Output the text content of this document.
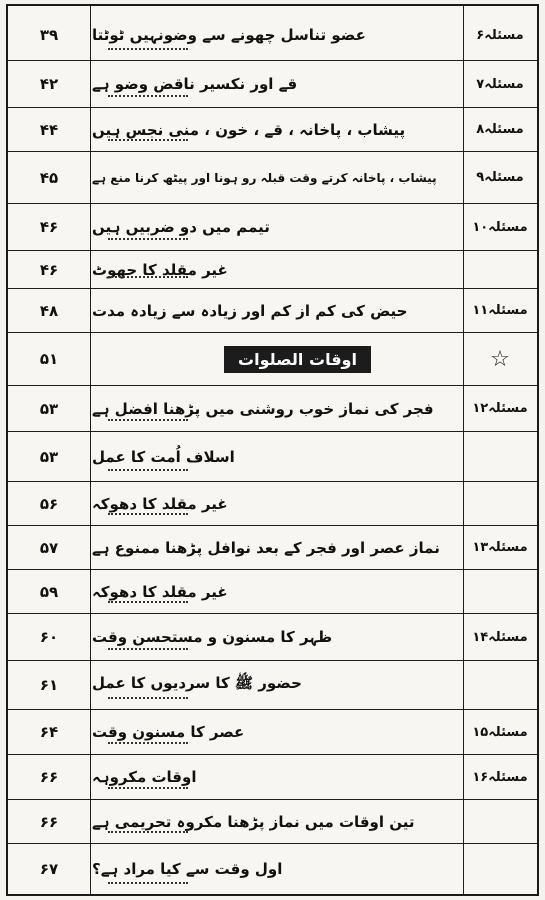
مسئلہ۶
عضو تناسل چھونے سے وضونہیں ٹوٹتا
۳۹
مسئلہ۷
قے اور نکسیر ناقض وضو ہے
۴۲
مسئلہ۸
پیشاب ، پاخانہ ، قے ، خون ، منی نجس ہیں
۴۴
مسئلہ۹
پیشاب ، پاخانہ کرتے وقت قبلہ رو ہونا اور پیٹھ کرنا منع ہے
۴۵
مسئلہ۱۰
تیمم میں دو ضربیں ہیں
۴۶
غیر مقلد کا جھوٹ
۴۶
مسئلہ۱۱
حیض کی کم از کم اور زیادہ سے زیادہ مدت
۴۸
☆
اوقات الصلوات
۵۱
مسئلہ۱۲
فجر کی نماز خوب روشنی میں پڑھنا افضل ہے
۵۳
اسلاف اُمت کا عمل
۵۳
غیر مقلد کا دھوکہ
۵۶
مسئلہ۱۳
نماز عصر اور فجر کے بعد نوافل پڑھنا ممنوع ہے
۵۷
غیر مقلد کا دھوکہ
۵۹
مسئلہ۱۴
ظہر کا مسنون و مستحسن وقت
۶۰
حضور ﷺ کا سردیوں کا عمل
۶۱
مسئلہ۱۵
عصر کا مسنون وقت
۶۴
مسئلہ۱۶
اوقات مکروہہ
۶۶
تین اوقات میں نماز پڑھنا مکروہ تحریمی ہے
۶۶
اول وقت سے کیا مراد ہے؟
۶۷
